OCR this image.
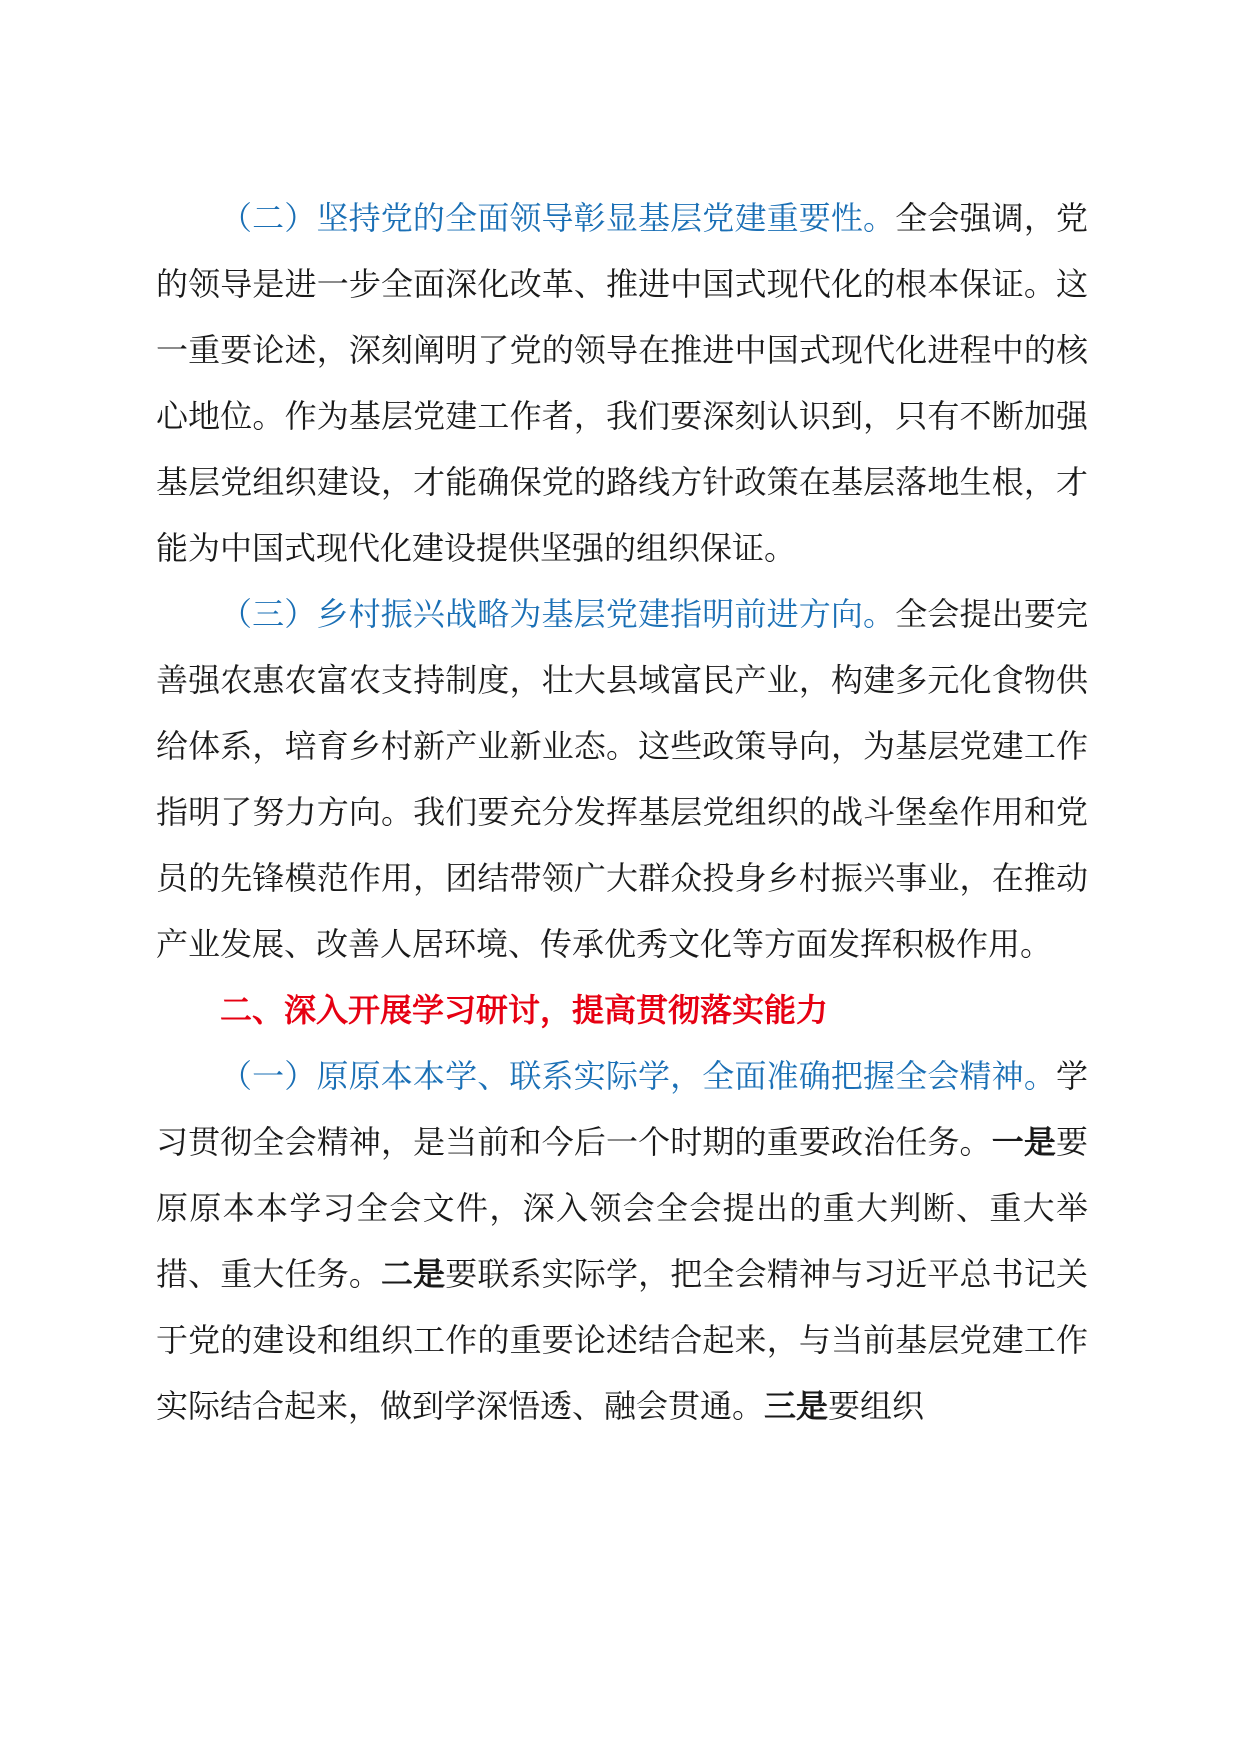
（二）坚持党的全面领导彰显基层党建重要性。全会强调，党的领导是进一步全面深化改革、推进中国式现代化的根本保证。这一重要论述，深刻阐明了党的领导在推进中国式现代化进程中的核心地位。作为基层党建工作者，我们要深刻认识到，只有不断加强基层党组织建设，才能确保党的路线方针政策在基层落地生根，才能为中国式现代化建设提供坚强的组织保证。

（三）乡村振兴战略为基层党建指明前进方向。全会提出要完善强农惠农富农支持制度，壮大县域富民产业，构建多元化食物供给体系，培育乡村新产业新业态。这些政策导向，为基层党建工作指明了努力方向。我们要充分发挥基层党组织的战斗堡垒作用和党员的先锋模范作用，团结带领广大群众投身乡村振兴事业，在推动产业发展、改善人居环境、传承优秀文化等方面发挥积极作用。

二、深入开展学习研讨，提高贯彻落实能力

（一）原原本本学、联系实际学，全面准确把握全会精神。学习贯彻全会精神，是当前和今后一个时期的重要政治任务。一是要原原本本学习全会文件，深入领会全会提出的重大判断、重大举措、重大任务。二是要联系实际学，把全会精神与习近平总书记关于党的建设和组织工作的重要论述结合起来，与当前基层党建工作实际结合起来，做到学深悟透、融会贯通。三是要组织
